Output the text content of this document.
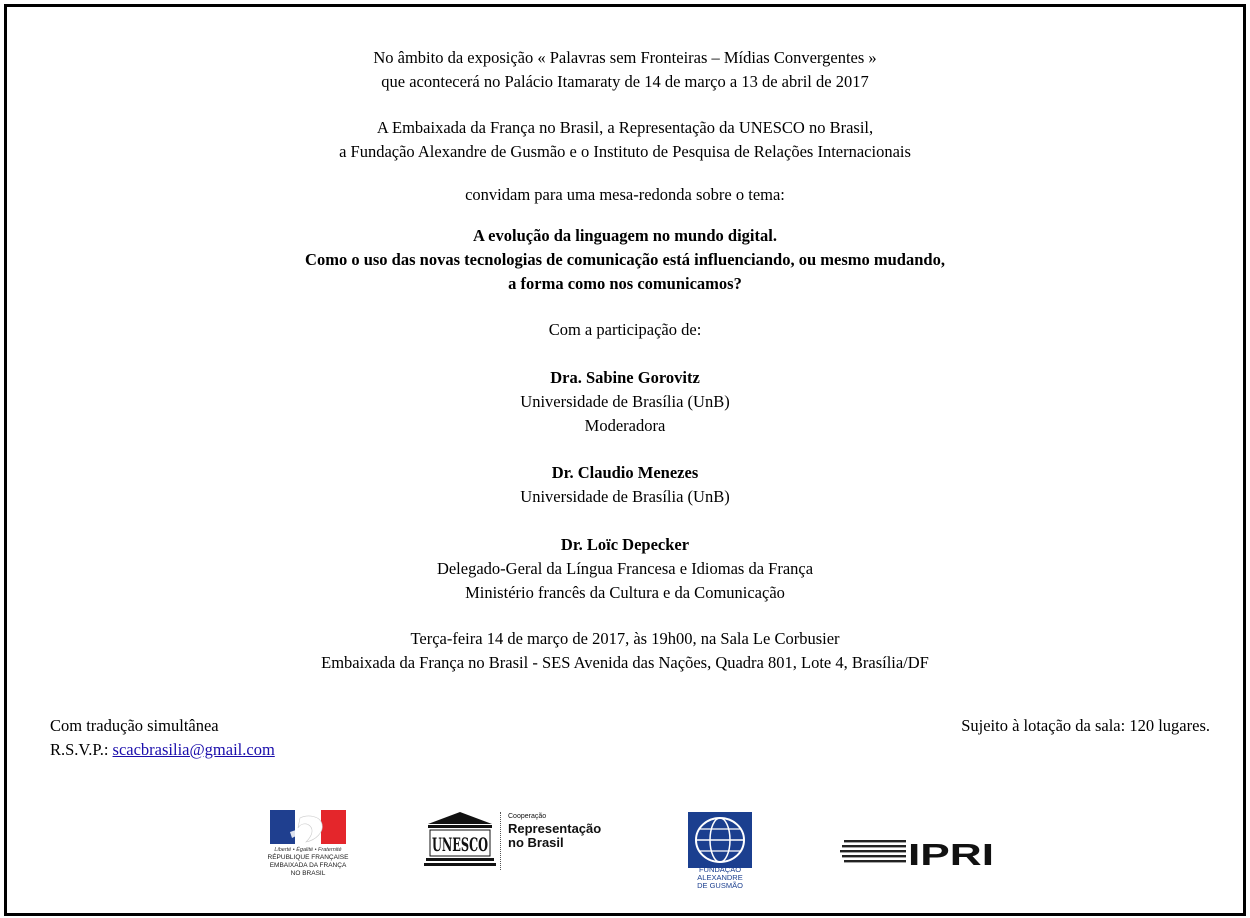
No âmbito da exposição « Palavras sem Fronteiras – Mídias Convergentes »

que acontecerá no Palácio Itamaraty de 14 de março a 13 de abril de 2017

A Embaixada da França no Brasil, a Representação da UNESCO no Brasil,

a Fundação Alexandre de Gusmão e o Instituto de Pesquisa de Relações Internacionais

convidam para uma mesa-redonda sobre o tema:

A evolução da linguagem no mundo digital.

Como o uso das novas tecnologias de comunicação está influenciando, ou mesmo mudando,

a forma como nos comunicamos?

Com a participação de:

Dra. Sabine Gorovitz

Universidade de Brasília (UnB)

Moderadora

Dr. Claudio Menezes

Universidade de Brasília (UnB)

Dr. Loïc Depecker

Delegado-Geral da Língua Francesa e Idiomas da França

Ministério francês da Cultura e da Comunicação

Terça-feira 14 de março de 2017, às 19h00, na Sala Le Corbusier

Embaixada da França no Brasil - SES Avenida das Nações, Quadra 801, Lote 4, Brasília/DF

Com tradução simultânea
R.S.V.P.: scacbrasilia@gmail.com
Sujeito à lotação da sala: 120 lugares.
Liberté • Égalité • Fraternité
RÉPUBLIQUE FRANÇAISE
EMBAIXADA DA FRANÇA
NO BRASIL
UNESCO
Cooperação
Representação
no Brasil
FUNDAÇÃO
ALEXANDRE
DE GUSMÃO
IPRI
